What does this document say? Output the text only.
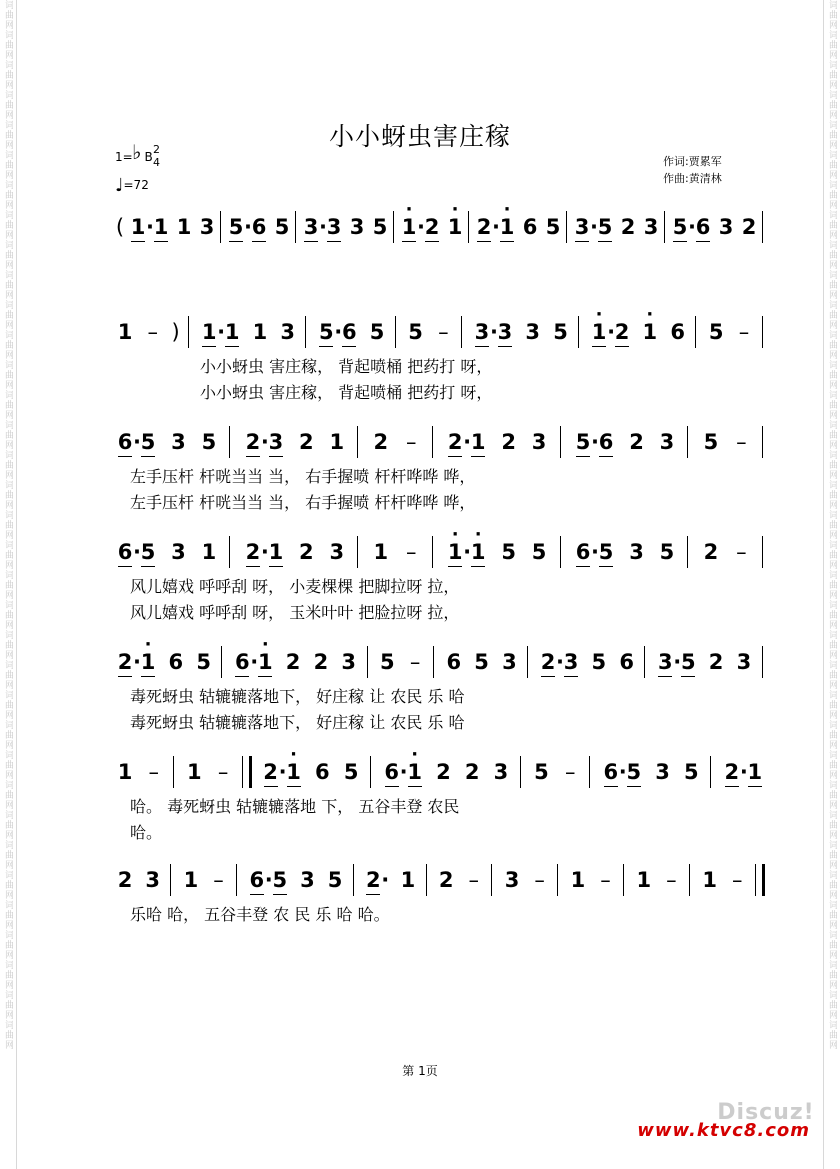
词曲网词曲网词曲网词曲网词曲网词曲网词曲网词曲网词曲网词曲网词曲网词曲网词曲网词曲网词曲网词曲网词曲网词曲网词曲网词曲网词曲网词曲网词曲网词曲网词曲网词曲网词曲网词曲网词曲网词曲网词曲网词曲网词曲网词曲网词曲网	词曲网词曲网词曲网词曲网词曲网词曲网词曲网词曲网词曲网词曲网词曲网词曲网词曲网词曲网词曲网词曲网词曲网词曲网词曲网词曲网词曲网词曲网词曲网词曲网词曲网词曲网词曲网词曲网词曲网词曲网词曲网词曲网词曲网词曲网词曲网
小小蚜虫害庄稼
1= ♭ B
2
4
♩=72
作词:贾累军
作曲:黄清林
( 1·1 1 3 5·6 5 3·3 3 5 · 1·2 · 1 2·· 1 6 5 3·5 2 3 5·6 3 2
1 – ) 1·1 1 3 5·6 5 5 – 3·3 3 5 · 1·2 · 1 6 5 –
小小蚜虫 害庄稼， 背起喷桶 把药打 呀，
小小蚜虫 害庄稼， 背起喷桶 把药打 呀，
6·5 3 5 2·3 2 1 2 – 2·1 2 3 5·6 2 3 5 –
左手压杆 杆咣当当 当， 右手握喷 杆杆哗哗 哗，
左手压杆 杆咣当当 当， 右手握喷 杆杆哗哗 哗，
6·5 3 1 2·1 2 3 1 – · 1·· 1 5 5 6·5 3 5 2 –
风儿嬉戏 呼呼刮 呀， 小麦棵棵 把脚拉呀 拉，
风儿嬉戏 呼呼刮 呀， 玉米叶叶 把脸拉呀 拉，
2·· 1 6 5 6·· 1 2 2 3 5 – 6 5 3 2·3 5 6 3·5 2 3
毒死蚜虫 轱辘辘落地下， 好庄稼 让 农民 乐 哈
毒死蚜虫 轱辘辘落地下， 好庄稼 让 农民 乐 哈
1 – 1 – 2·· 1 6 5 6·· 1 2 2 3 5 – 6·5 3 5 2·1
哈。 毒死蚜虫 轱辘辘落地 下， 五谷丰登 农民
哈。
2 3 1 – 6·5 3 5 2· 1 2 – 3 – 1 – 1 – 1 –
乐哈 哈， 五谷丰登 农 民 乐 哈 哈。
第 1页
Discuz!
www.ktvc8.com
